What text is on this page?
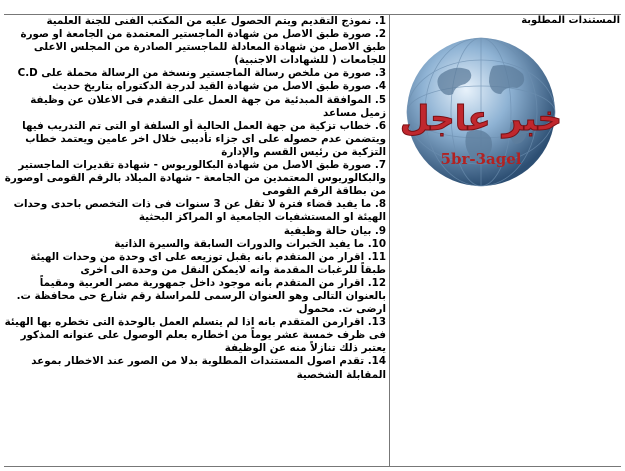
المستندات المطلوبة

1. نموذج التقديم ويتم الحصول عليه من المكتب الفنى للجنة العلمية

2. صورة طبق الاصل من شهادة الماجستير المعتمدة من الجامعة او صورة طبق الاصل من شهادة المعادلة للماجستير الصادرة من المجلس الاعلى للجامعات ( للشهادات الاجنبية)

3. صورة من ملخص رسالة الماجستير ونسخة من الرسالة محملة على C.D

4. صورة طبق الاصل من شهادة القيد لدرجة الدكتوراه بتاريخ حديث

5. الموافقة المبدئية من جهة العمل على التقدم فى الاعلان عن وظيفة زميل مساعد

6. خطاب تزكية من جهة العمل الحالية أو السلفة او التى تم التدريب فيها ويتضمن عدم حصوله على اى جزاء تأديبى خلال اخر عامين ويعتمد خطاب التزكية من رئيس القسم والإدارة

7. صورة طبق الاصل من شهادة البكالوريوس - شهادة تقديرات الماجستير والبكالوريوس المعتمدين من الجامعة - شهادة الميلاد بالرقم القومى اوصورة من بطاقة الرقم القومى

8. ما يفيد قضاء فترة لا تقل عن 3 سنوات فى ذات التخصص باحدى وحدات الهيئة او المستشفيات الجامعية او المراكز البحثية

9. بيان حالة وظيفية

10. ما يفيد الخبرات والدورات السابقة والسيرة الذاتية

11. اقرار من المتقدم بانه يقبل توزيعه على اى وحدة من وحدات الهيئة طبقاً للرغبات المقدمة وانه لايمكن النقل من وحدة الى اخرى

12. اقرار من المتقدم بانه موجود داخل جمهورية مصر العربية ومقيماً بالعنوان التالى وهو العنوان الرسمى للمراسلة رقم شارع حى محافظة ت. ارضى ت. محمول

13. اقرارمن المتقدم بانه اذا لم يتسلم العمل بالوحدة التى تخطره بها الهيئة فى ظرف خمسة عشر يوماً من اخطاره بعلم الوصول على عنوانه المذكور يعتبر ذلك تنازلاً منه عن الوظيفة

14. تقدم اصول المستندات المطلوبة بدلا من الصور عند الاخطار بموعد المقابلة الشخصية

خبر عاجل
5br-3agel
